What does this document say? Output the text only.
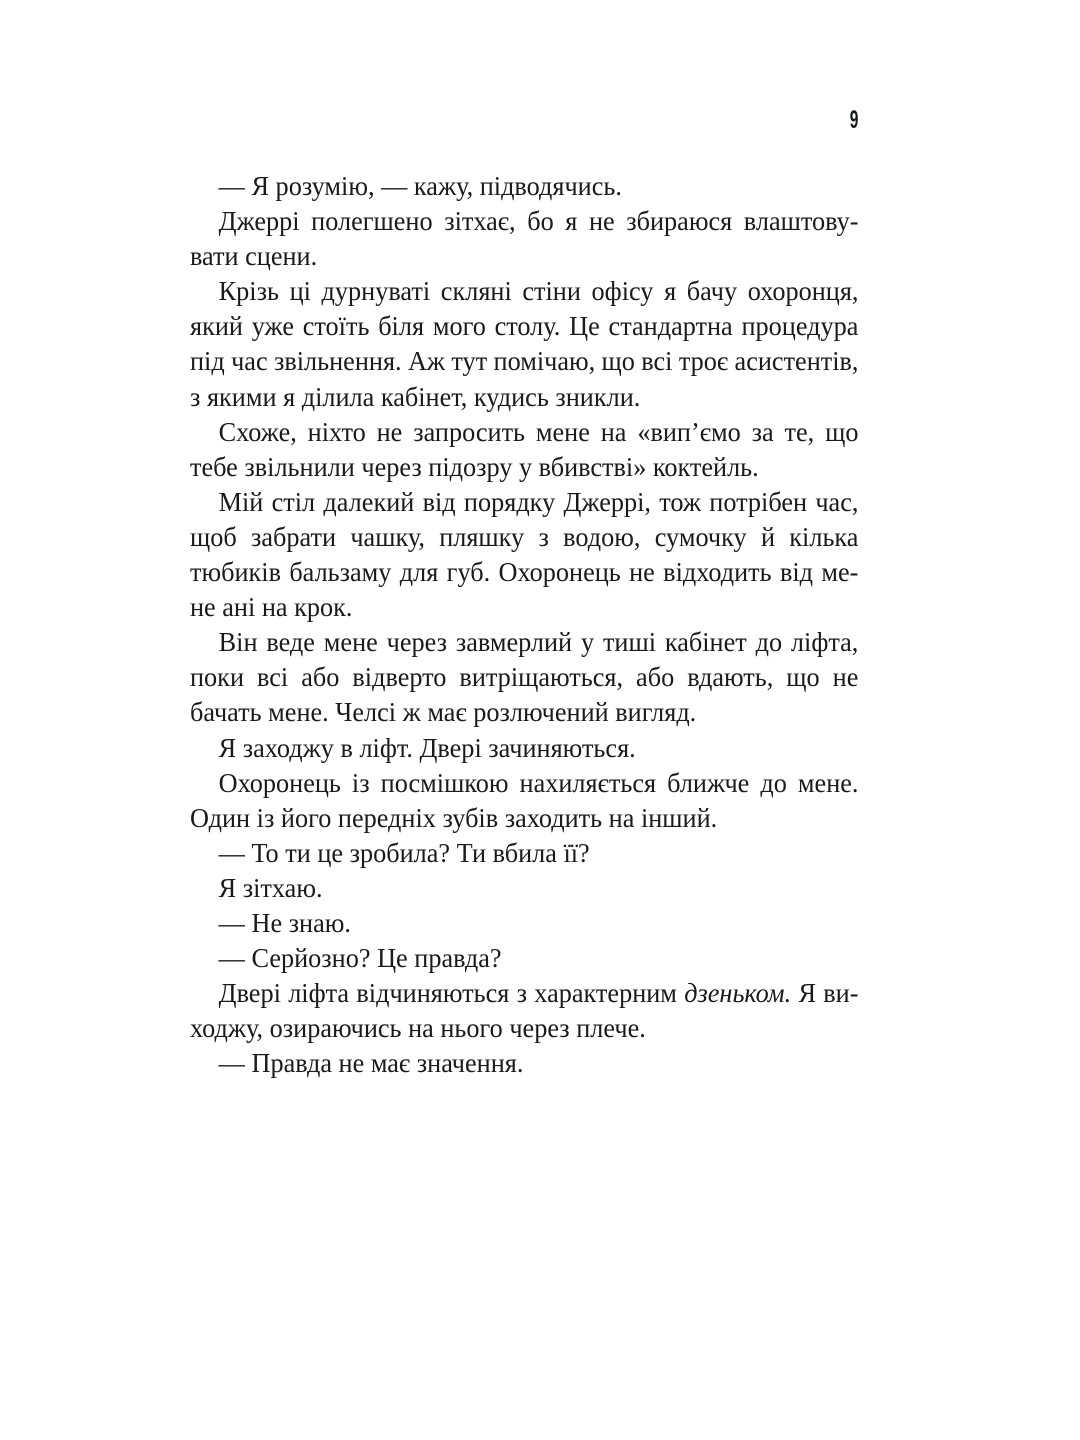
9

— Я розумію, — кажу, підводячись.

Джеррі полегшено зітхає, бо я не збираюся влаштову-
вати сцени.

Крізь ці дурнуваті скляні стіни офісу я бачу охоронця,
який уже стоїть біля мого столу. Це стандартна процедура
під час звільнення. Аж тут помічаю, що всі троє асистентів,
з якими я ділила кабінет, кудись зникли.

Схоже, ніхто не запросить мене на «вип’ємо за те, що
тебе звільнили через підозру у вбивстві» коктейль.

Мій стіл далекий від порядку Джеррі, тож потрібен час,
щоб забрати чашку, пляшку з водою, сумочку й кілька
тюбиків бальзаму для губ. Охоронець не відходить від ме-
не ані на крок.

Він веде мене через завмерлий у тиші кабінет до ліфта,
поки всі або відверто витріщаються, або вдають, що не
бачать мене. Челсі ж має розлючений вигляд.

Я заходжу в ліфт. Двері зачиняються.

Охоронець із посмішкою нахиляється ближче до мене.
Один із його передніх зубів заходить на інший.

— То ти це зробила? Ти вбила її?

Я зітхаю.

— Не знаю.

— Серйозно? Це правда?

Двері ліфта відчиняються з характерним дзеньком. Я ви-
ходжу, озираючись на нього через плече.

— Правда не має значення.
